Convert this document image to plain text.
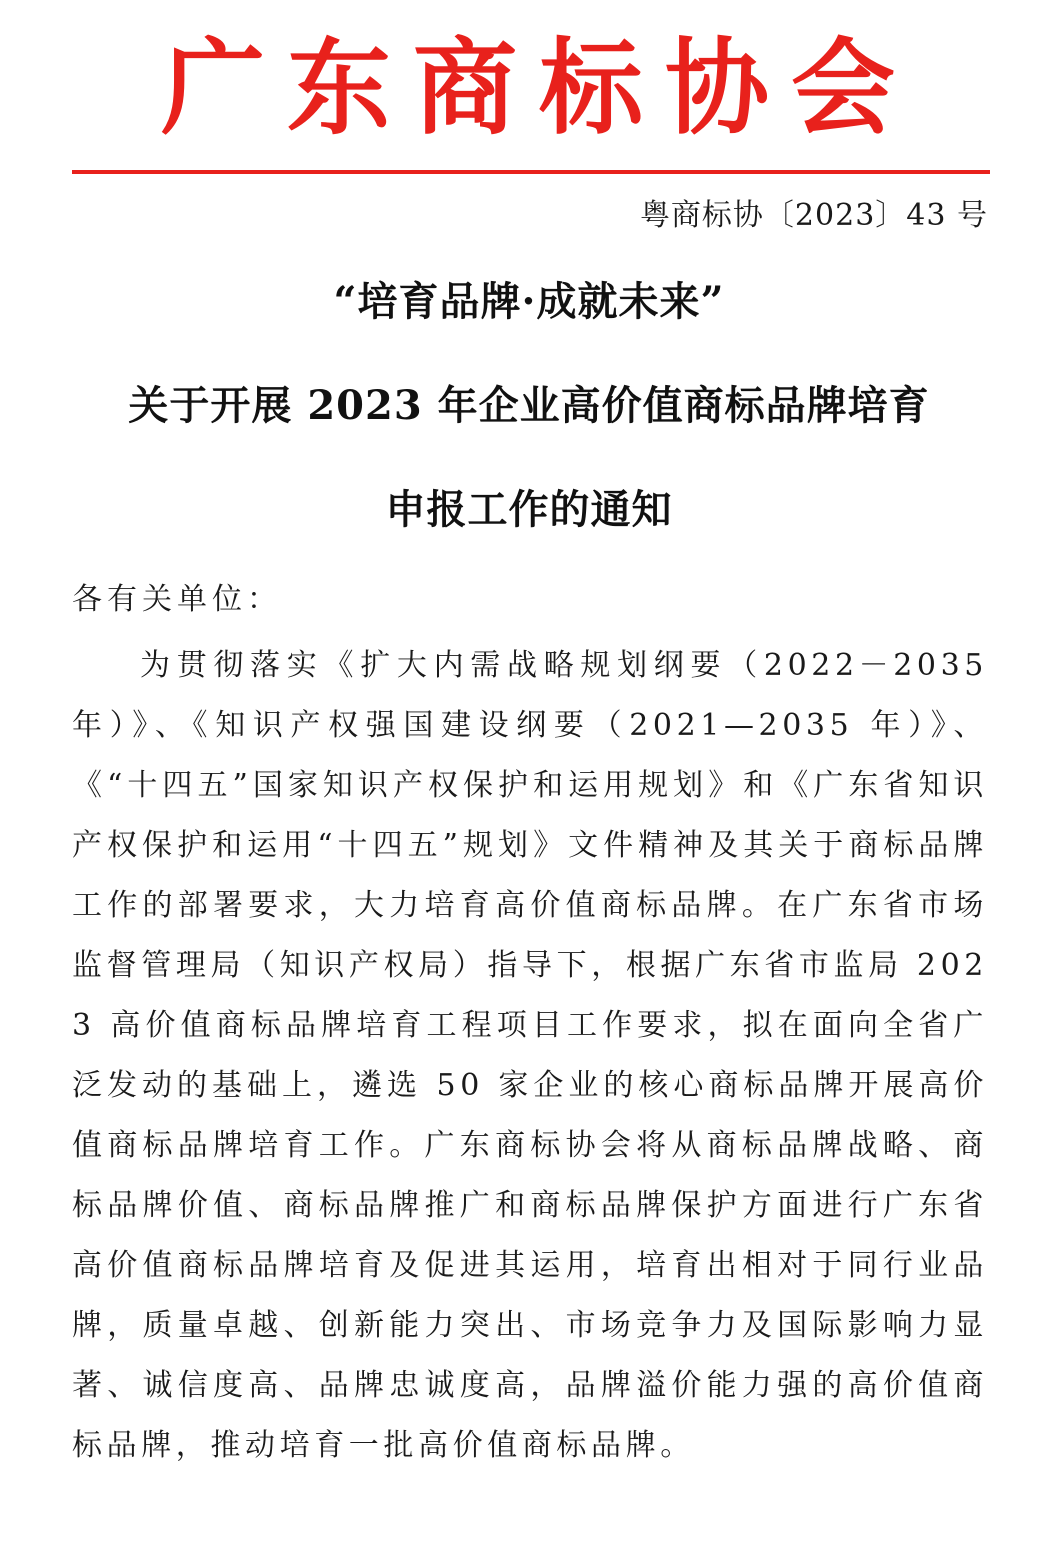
广东商标协会
粤商标协〔2023〕43 号
“培育品牌·成就未来”
关于开展 2023 年企业高价值商标品牌培育
申报工作的通知
各有关单位：

为贯彻落实《扩大内需战略规划纲要（2022－2035 年）》、《知识产权强国建设纲要（2021—2035 年）》、《“十四五”国家知识产权保护和运用规划》和《广东省知识产权保护和运用“十四五”规划》文件精神及其关于商标品牌工作的部署要求，大力培育高价值商标品牌。在广东省市场监督管理局（知识产权局）指导下，根据广东省市监局 2023 高价值商标品牌培育工程项目工作要求，拟在面向全省广泛发动的基础上，遴选 50 家企业的核心商标品牌开展高价值商标品牌培育工作。广东商标协会将从商标品牌战略、商标品牌价值、商标品牌推广和商标品牌保护方面进行广东省高价值商标品牌培育及促进其运用，培育出相对于同行业品牌，质量卓越、创新能力突出、市场竞争力及国际影响力显著、诚信度高、品牌忠诚度高，品牌溢价能力强的高价值商标品牌，推动培育一批高价值商标品牌。
